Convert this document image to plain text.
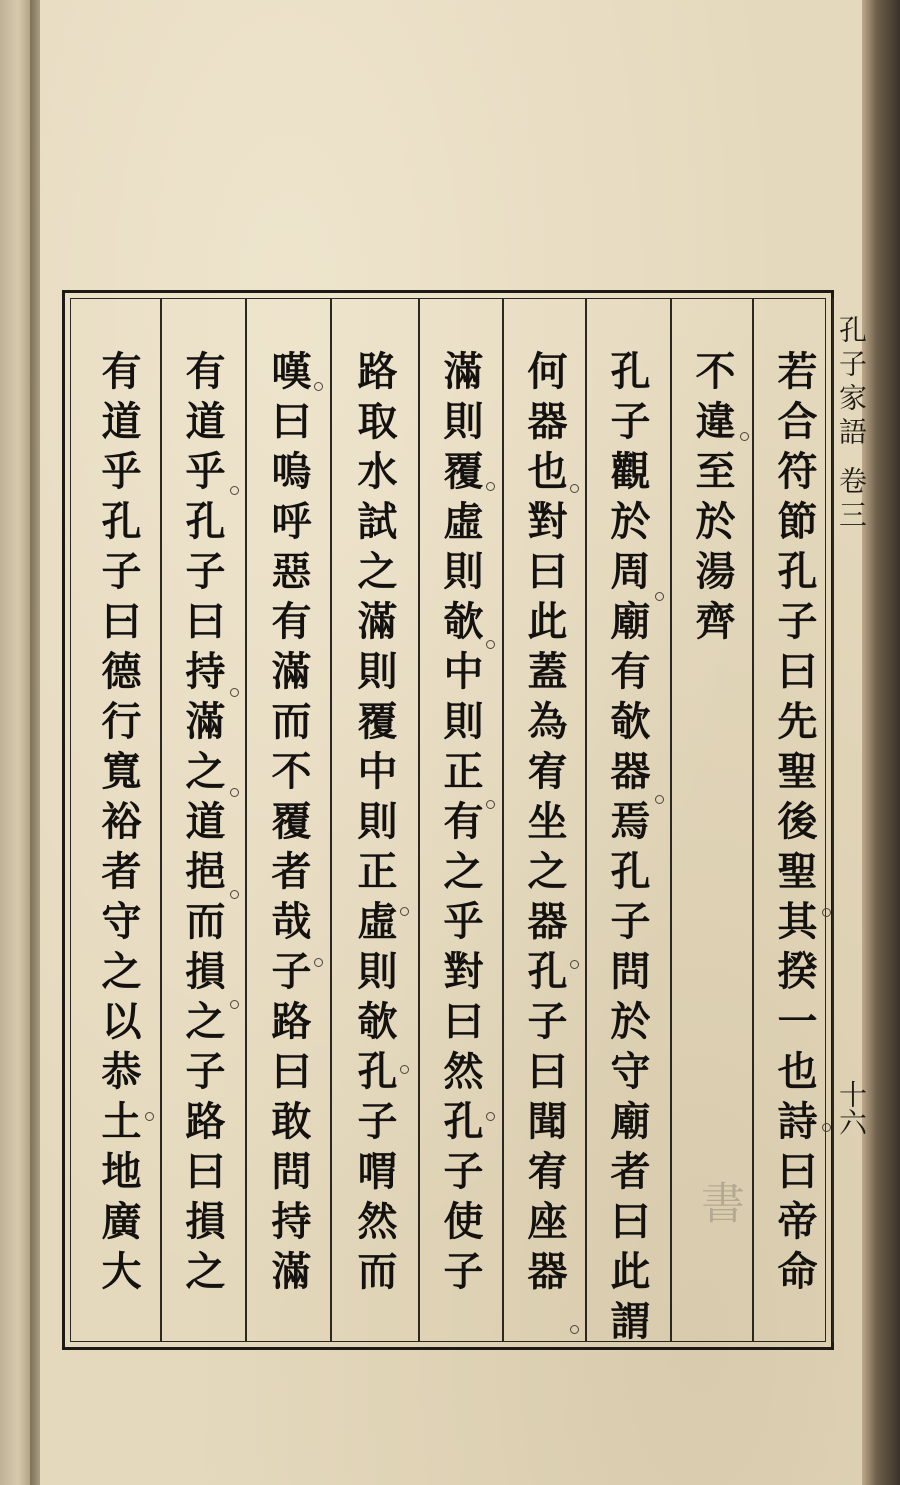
孔子家語 卷三
十六

若合符節孔子曰先聖後聖其揆一也詩曰帝命

不違至於湯齊

孔子觀於周廟有欹器焉孔子問於守廟者曰此謂

何器也對曰此蓋為宥坐之器孔子曰聞宥座器

滿則覆虛則欹中則正有之乎對曰然孔子使子

路取水試之滿則覆中則正虛則欹孔子喟然而

嘆曰嗚呼惡有滿而不覆者哉子路曰敢問持滿

有道乎孔子曰持滿之道挹而損之子路曰損之

有道乎孔子曰德行寬裕者守之以恭土地廣大	書
